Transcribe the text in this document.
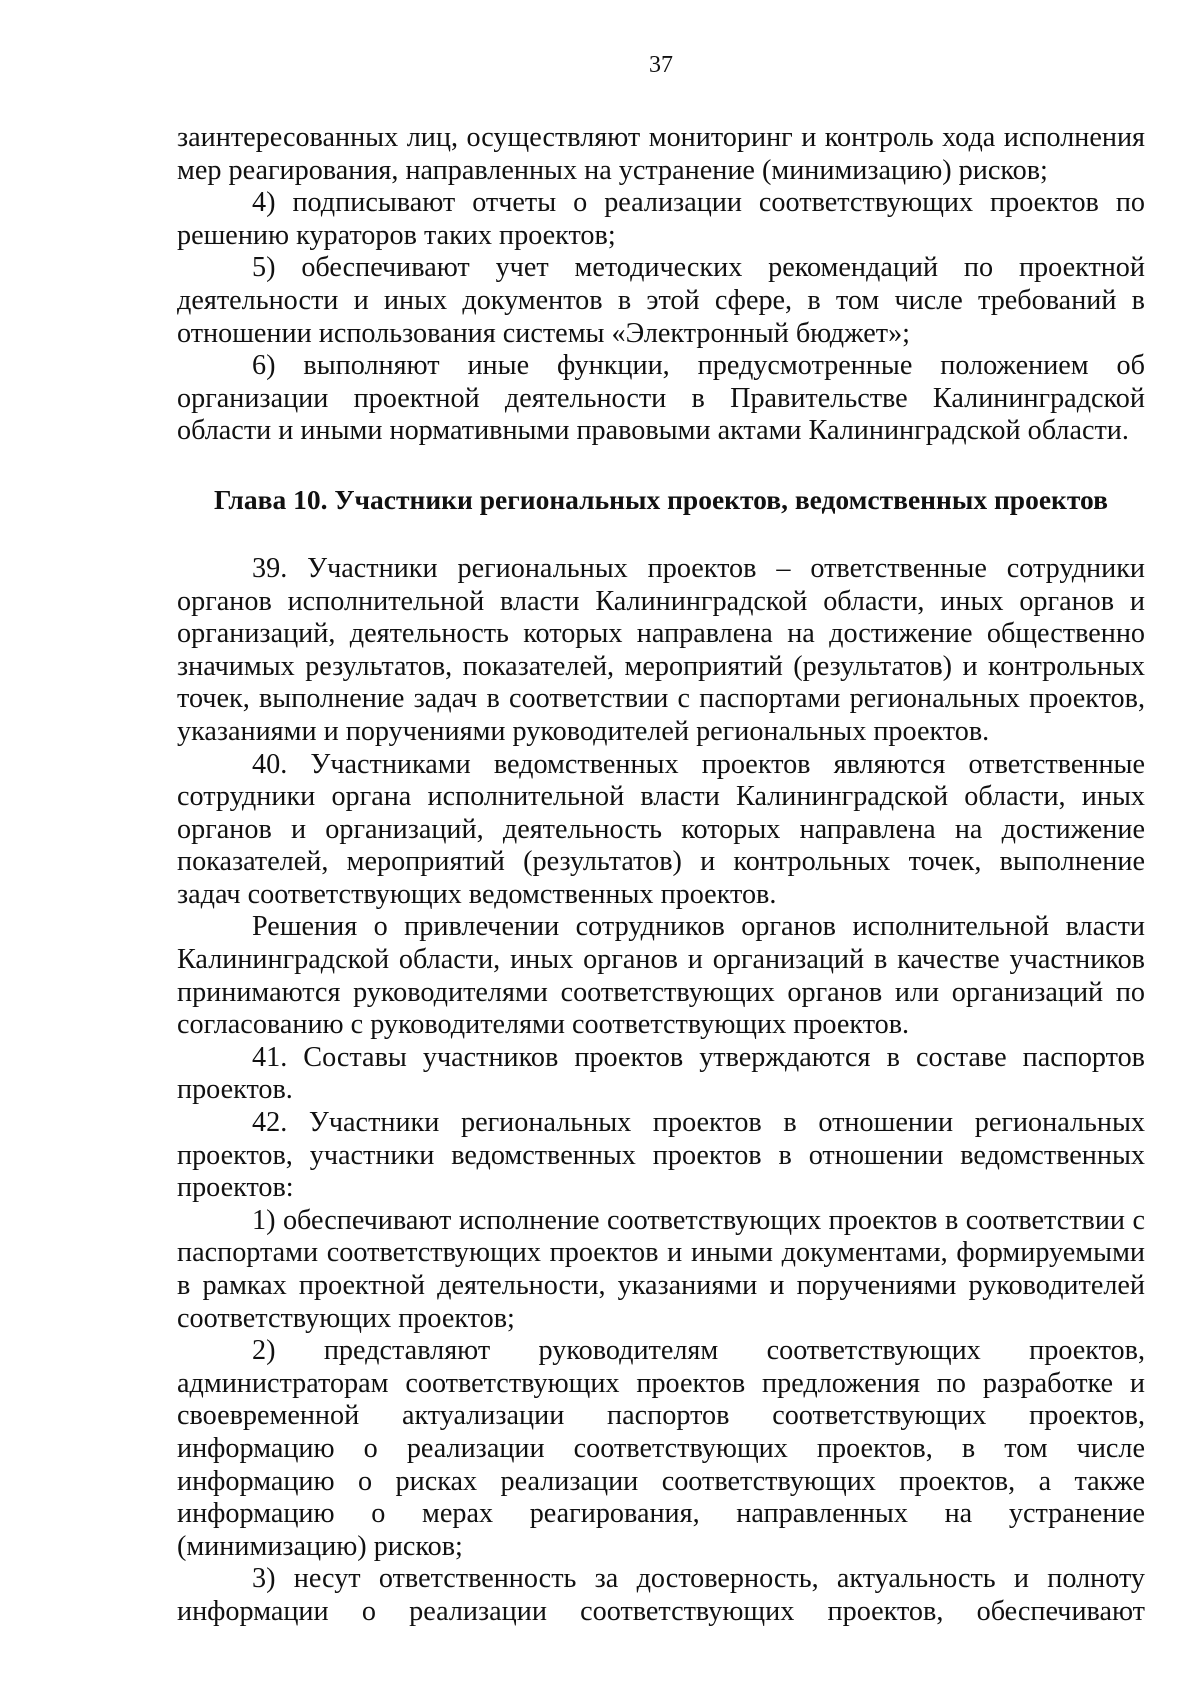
37

заинтересованных лиц, осуществляют мониторинг и контроль хода исполнения мер реагирования, направленных на устранение (минимизацию) рисков;

4) подписывают отчеты о реализации соответствующих проектов по решению кураторов таких проектов;

5) обеспечивают учет методических рекомендаций по проектной деятельности и иных документов в этой сфере, в том числе требований в отношении использования системы «Электронный бюджет»;

6) выполняют иные функции, предусмотренные положением об организации проектной деятельности в Правительстве Калининградской области и иными нормативными правовыми актами Калининградской области.

Глава 10. Участники региональных проектов, ведомственных проектов

39. Участники региональных проектов – ответственные сотрудники органов исполнительной власти Калининградской области, иных органов и организаций, деятельность которых направлена на достижение общественно значимых результатов, показателей, мероприятий (результатов) и контрольных точек, выполнение задач в соответствии с паспортами региональных проектов, указаниями и поручениями руководителей региональных проектов.

40. Участниками ведомственных проектов являются ответственные сотрудники органа исполнительной власти Калининградской области, иных органов и организаций, деятельность которых направлена на достижение показателей, мероприятий (результатов) и контрольных точек, выполнение задач соответствующих ведомственных проектов.

Решения о привлечении сотрудников органов исполнительной власти Калининградской области, иных органов и организаций в качестве участников принимаются руководителями соответствующих органов или организаций по согласованию с руководителями соответствующих проектов.

41. Составы участников проектов утверждаются в составе паспортов проектов.

42. Участники региональных проектов в отношении региональных проектов, участники ведомственных проектов в отношении ведомственных проектов:

1) обеспечивают исполнение соответствующих проектов в соответствии с паспортами соответствующих проектов и иными документами, формируемыми в рамках проектной деятельности, указаниями и поручениями руководителей соответствующих проектов;

2) представляют руководителям соответствующих проектов, администраторам соответствующих проектов предложения по разработке и своевременной актуализации паспортов соответствующих проектов, информацию о реализации соответствующих проектов, в том числе информацию о рисках реализации соответствующих проектов, а также информацию о мерах реагирования, направленных на устранение (минимизацию) рисков;

3) несут ответственность за достоверность, актуальность и полноту информации о реализации соответствующих проектов, обеспечивают
